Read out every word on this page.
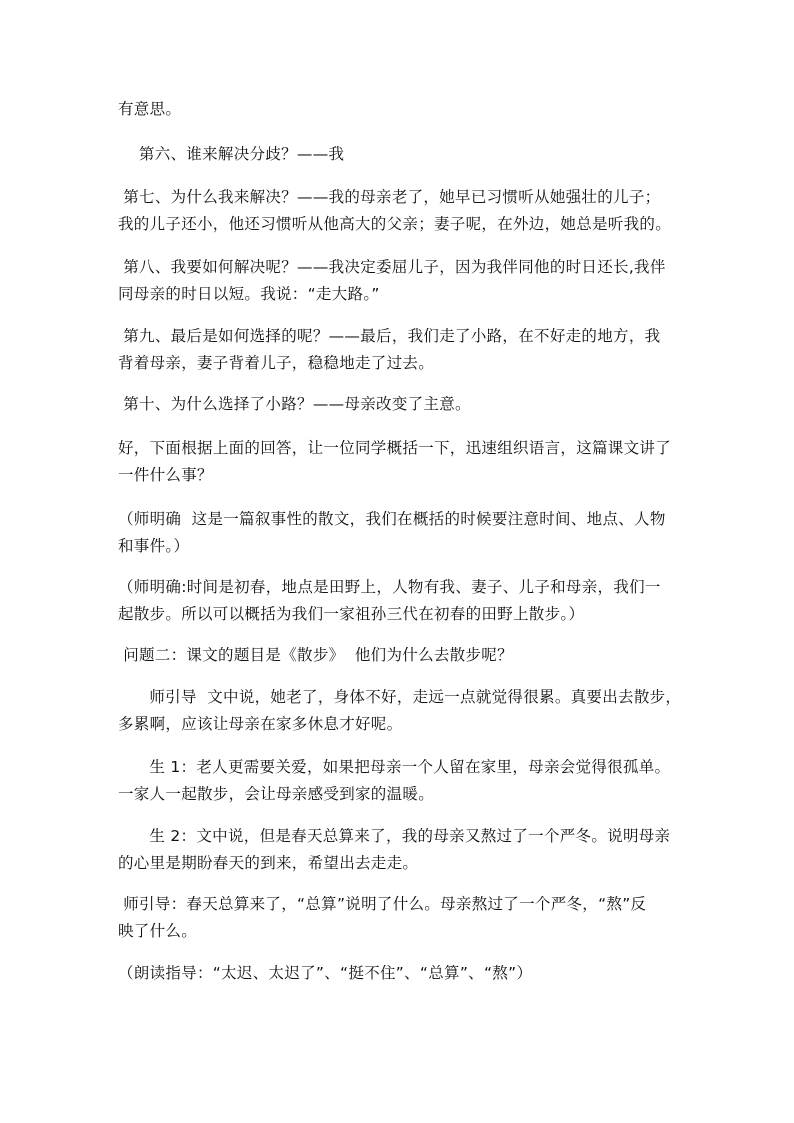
有意思。
第六、谁来解决分歧？——我
第七、为什么我来解决？——我的母亲老了，她早已习惯听从她强壮的儿子；
我的儿子还小，他还习惯听从他高大的父亲；妻子呢，在外边，她总是听我的。
第八、我要如何解决呢？——我决定委屈儿子，因为我伴同他的时日还长,我伴
同母亲的时日以短。我说：“走大路。”
第九、最后是如何选择的呢？——最后，我们走了小路，在不好走的地方，我
背着母亲，妻子背着儿子，稳稳地走了过去。
第十、为什么选择了小路？——母亲改变了主意。
好，下面根据上面的回答，让一位同学概括一下，迅速组织语言，这篇课文讲了
一件什么事？
（师明确  这是一篇叙事性的散文，我们在概括的时候要注意时间、地点、人物
和事件。）
（师明确:时间是初春，地点是田野上，人物有我、妻子、儿子和母亲，我们一
起散步。所以可以概括为我们一家祖孙三代在初春的田野上散步。）
问题二：课文的题目是《散步》  他们为什么去散步呢？
师引导  文中说，她老了，身体不好，走远一点就觉得很累。真要出去散步，
多累啊，应该让母亲在家多休息才好呢。
生 1：老人更需要关爱，如果把母亲一个人留在家里，母亲会觉得很孤单。
一家人一起散步，会让母亲感受到家的温暖。
生 2：文中说，但是春天总算来了，我的母亲又熬过了一个严冬。说明母亲
的心里是期盼春天的到来，希望出去走走。
师引导：春天总算来了，“总算”说明了什么。母亲熬过了一个严冬，“熬”反
映了什么。
（朗读指导：“太迟、太迟了”、“挺不住”、“总算”、“熬”）
